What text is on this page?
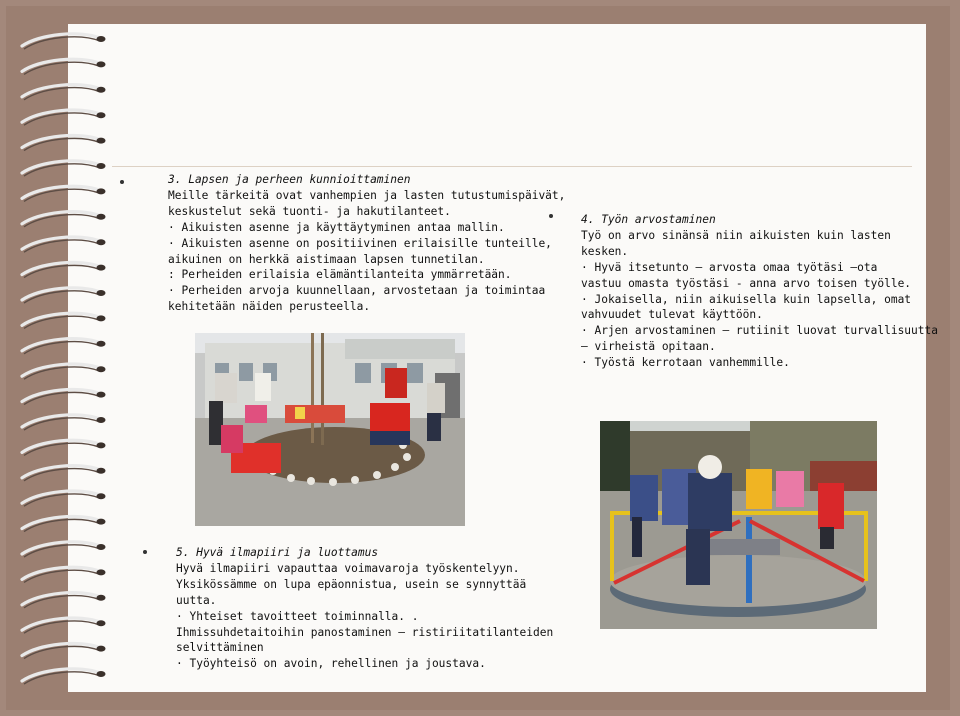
3. Lapsen ja perheen kunnioittaminen
Meille tärkeitä ovat vanhempien ja lasten tutustumispäivät,
keskustelut sekä tuonti- ja hakutilanteet.
· Aikuisten asenne ja käyttäytyminen antaa mallin.
· Aikuisten asenne on positiivinen erilaisille tunteille,
aikuinen on herkkä aistimaan lapsen tunnetilan.
: Perheiden erilaisia elämäntilanteita ymmärretään.
· Perheiden arvoja kuunnellaan, arvostetaan ja toimintaa
kehitetään näiden perusteella.
4. Työn arvostaminen
Työ on arvo sinänsä niin aikuisten kuin lasten
kesken.
· Hyvä itsetunto – arvosta omaa työtäsi –ota
vastuu omasta työstäsi - anna arvo toisen työlle.
· Jokaisella, niin aikuisella kuin lapsella, omat
vahvuudet tulevat käyttöön.
· Arjen arvostaminen – rutiinit luovat turvallisuutta
– virheistä opitaan.
· Työstä kerrotaan vanhemmille.
5. Hyvä ilmapiiri ja luottamus
Hyvä ilmapiiri vapauttaa voimavaroja työskentelyyn.
Yksikössämme on lupa epäonnistua, usein se synnyttää
uutta.
· Yhteiset tavoitteet toiminnalla. .
Ihmissuhdetaitoihin panostaminen – ristiriitatilanteiden
selvittäminen
· Työyhteisö on avoin, rehellinen ja joustava.
